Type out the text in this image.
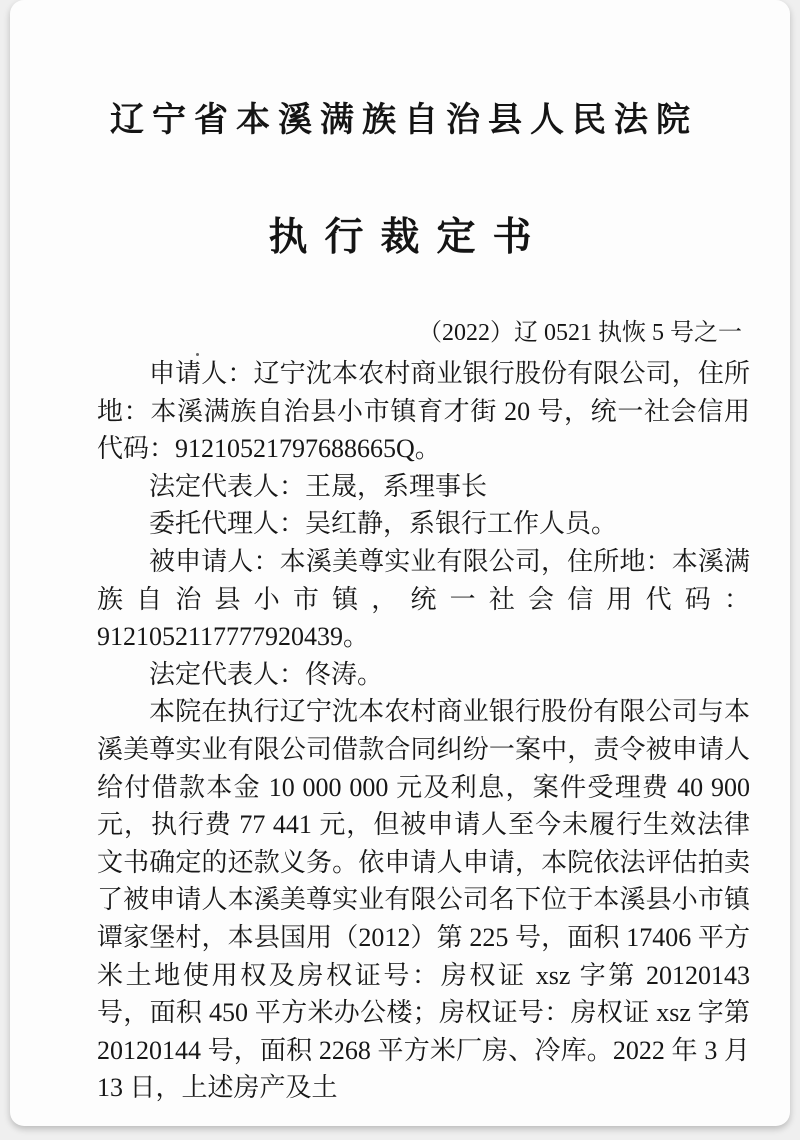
辽宁省本溪满族自治县人民法院
执行裁定书
（2022）辽 0521 执恢 5 号之一

申请人：辽宁沈本农村商业银行股份有限公司，住所地：本溪满族自治县小市镇育才街 20 号，统一社会信用代码：91210521797688665Q。

法定代表人：王晟，系理事长

委托代理人：吴红静，系银行工作人员。

被申请人：本溪美尊实业有限公司，住所地：本溪满族自治县小市镇，统一社会信用代码：9121052117777920439。

法定代表人：佟涛。

本院在执行辽宁沈本农村商业银行股份有限公司与本溪美尊实业有限公司借款合同纠纷一案中，责令被申请人给付借款本金 10 000 000 元及利息，案件受理费 40 900 元，执行费 77 441 元，但被申请人至今未履行生效法律文书确定的还款义务。依申请人申请，本院依法评估拍卖了被申请人本溪美尊实业有限公司名下位于本溪县小市镇谭家堡村，本县国用（2012）第 225 号，面积 17406 平方米土地使用权及房权证号：房权证 xsz 字第 20120143 号，面积 450 平方米办公楼；房权证号：房权证 xsz 字第 20120144 号，面积 2268 平方米厂房、冷库。2022 年 3 月 13 日，上述房产及土
